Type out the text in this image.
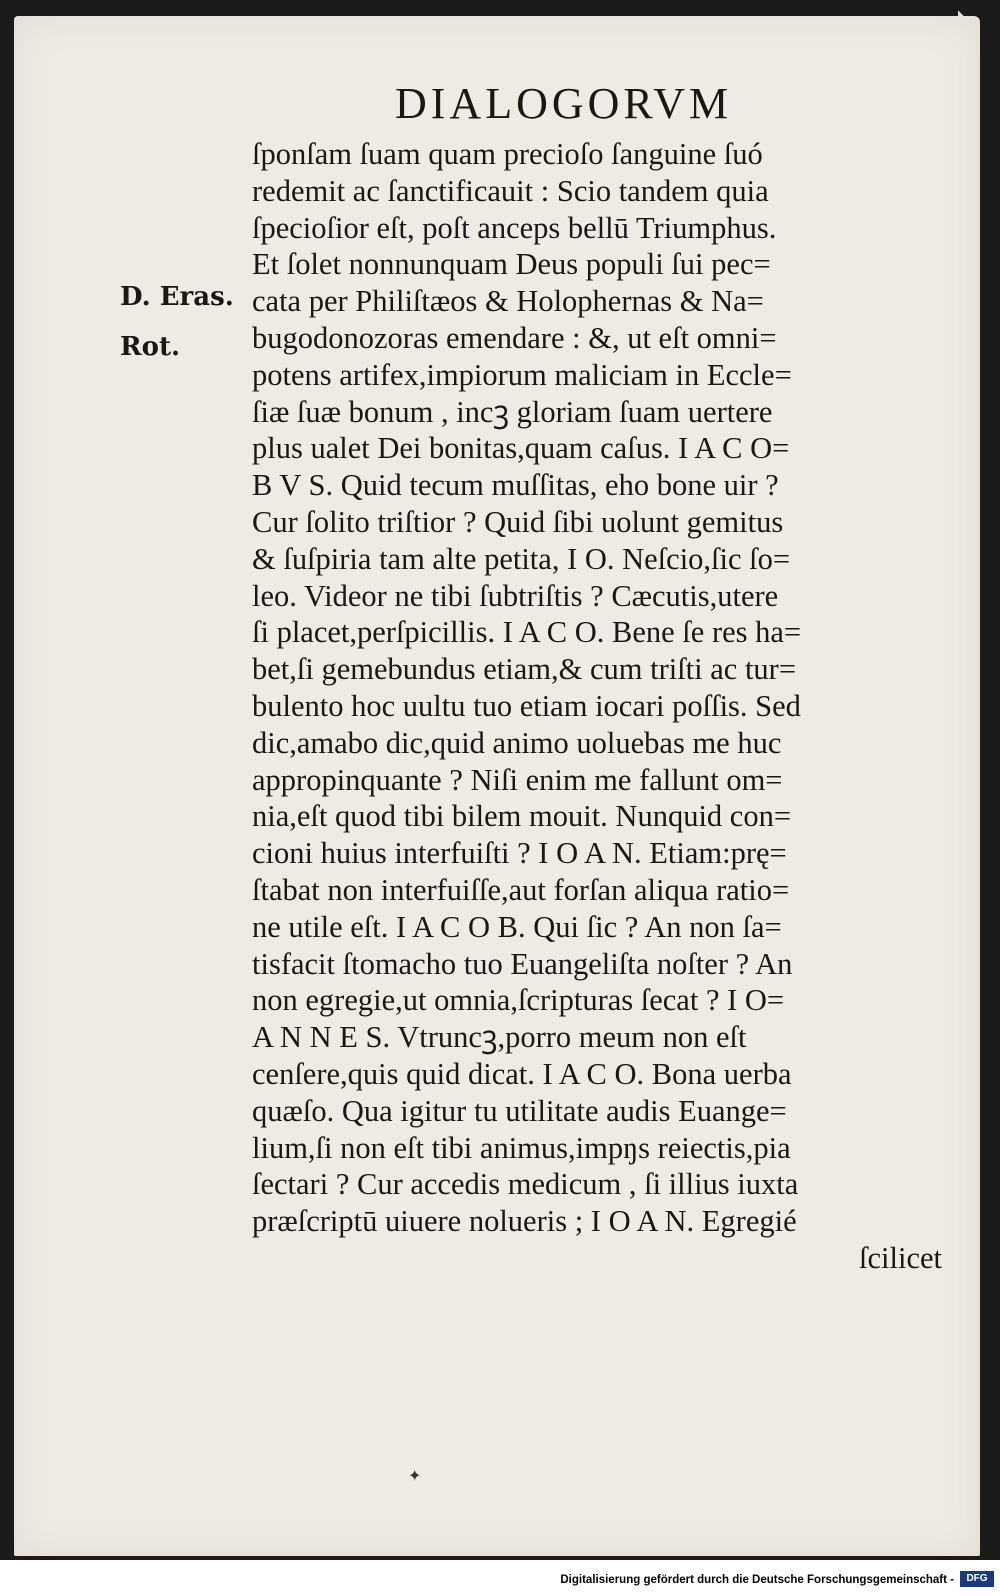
◣
DIALOGORVM
D. Eras.
Rot.
ſponſam ſuam quam precioſo ſanguine ſuó
redemit ac ſanctificauit : Scio tandem quia
ſpecioſior eſt, poſt anceps bellū Triumphus.
Et ſolet nonnunquam Deus populi ſui pec=
cata per Philiſtæos & Holophernas & Na=
bugodonozoras emendare : &, ut eſt omni=
potens artifex,impiorum maliciam in Eccle=
ſiæ ſuæ bonum , incꝫ gloriam ſuam uertere
plus ualet Dei bonitas,quam caſus. I A C O=
B V S. Quid tecum muſſitas, eho bone uir ?
Cur ſolito triſtior ? Quid ſibi uolunt gemitus
& ſuſpiria tam alte petita, I O. Neſcio,ſic ſo=
leo. Videor ne tibi ſubtriſtis ? Cæcutis,utere
ſi placet,perſpicillis. I A C O. Bene ſe res ha=
bet,ſi gemebundus etiam,& cum triſti ac tur=
bulento hoc uultu tuo etiam iocari poſſis. Sed
dic,amabo dic,quid animo uoluebas me huc
appropinquante ? Niſi enim me fallunt om=
nia,eſt quod tibi bilem mouit. Nunquid con=
cioni huius interfuiſti ? I O A N. Etiam:prę=
ſtabat non interfuiſſe,aut forſan aliqua ratio=
ne utile eſt. I A C O B. Qui ſic ? An non ſa=
tisfacit ſtomacho tuo Euangeliſta noſter ? An
non egregie,ut omnia,ſcripturas ſecat ? I O=
A N N E S. Vtruncꝫ,porro meum non eſt
cenſere,quis quid dicat. I A C O. Bona uerba
quæſo. Qua igitur tu utilitate audis Euange=
lium,ſi non eſt tibi animus,impŋs reiectis,pia
ſectari ? Cur accedis medicum , ſi illius iuxta
præſcriptū uiuere nolueris ; I O A N. Egregié
ſcilicet
✦
Digitalisierung gefördert durch die Deutsche Forschungsgemeinschaft -	DFG
